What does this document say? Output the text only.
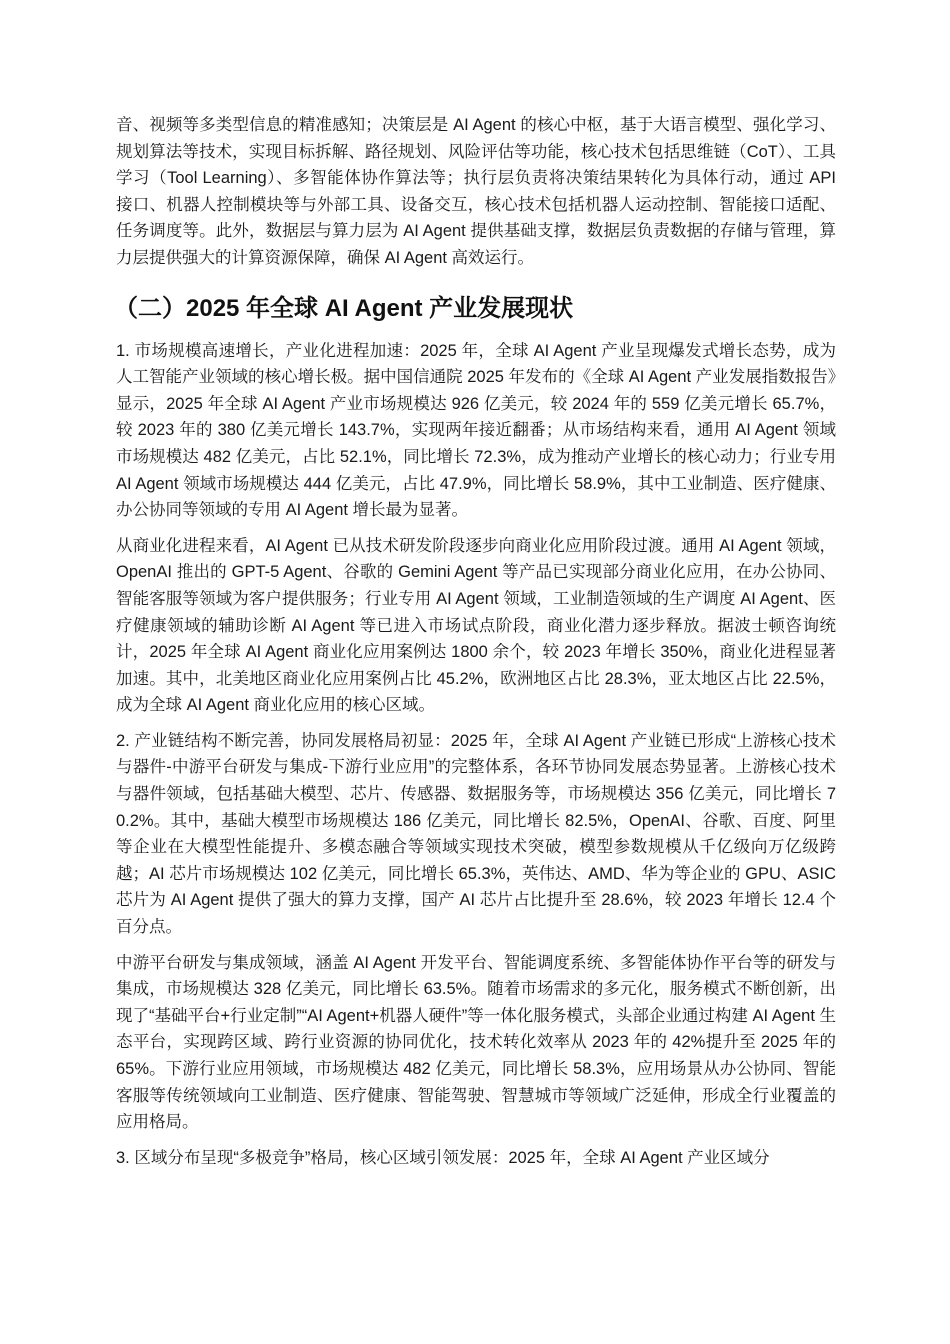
音、视频等多类型信息的精准感知；决策层是 AI Agent 的核心中枢，基于大语言模型、强化学习、规划算法等技术，实现目标拆解、路径规划、风险评估等功能，核心技术包括思维链（CoT）、工具学习（Tool Learning）、多智能体协作算法等；执行层负责将决策结果转化为具体行动，通过 API 接口、机器人控制模块等与外部工具、设备交互，核心技术包括机器人运动控制、智能接口适配、任务调度等。此外，数据层与算力层为 AI Agent 提供基础支撑，数据层负责数据的存储与管理，算力层提供强大的计算资源保障，确保 AI Agent 高效运行。

（二）2025 年全球 AI Agent 产业发展现状

1. 市场规模高速增长，产业化进程加速：2025 年，全球 AI Agent 产业呈现爆发式增长态势，成为人工智能产业领域的核心增长极。据中国信通院 2025 年发布的《全球 AI Agent 产业发展指数报告》显示，2025 年全球 AI Agent 产业市场规模达 926 亿美元，较 2024 年的 559 亿美元增长 65.7%，较 2023 年的 380 亿美元增长 143.7%，实现两年接近翻番；从市场结构来看，通用 AI Agent 领域市场规模达 482 亿美元，占比 52.1%，同比增长 72.3%，成为推动产业增长的核心动力；行业专用 AI Agent 领域市场规模达 444 亿美元，占比 47.9%，同比增长 58.9%，其中工业制造、医疗健康、办公协同等领域的专用 AI Agent 增长最为显著。

从商业化进程来看，AI Agent 已从技术研发阶段逐步向商业化应用阶段过渡。通用 AI Agent 领域，OpenAI 推出的 GPT-5 Agent、谷歌的 Gemini Agent 等产品已实现部分商业化应用，在办公协同、智能客服等领域为客户提供服务；行业专用 AI Agent 领域，工业制造领域的生产调度 AI Agent、医疗健康领域的辅助诊断 AI Agent 等已进入市场试点阶段，商业化潜力逐步释放。据波士顿咨询统计，2025 年全球 AI Agent 商业化应用案例达 1800 余个，较 2023 年增长 350%，商业化进程显著加速。其中，北美地区商业化应用案例占比 45.2%，欧洲地区占比 28.3%，亚太地区占比 22.5%，成为全球 AI Agent 商业化应用的核心区域。

2. 产业链结构不断完善，协同发展格局初显：2025 年，全球 AI Agent 产业链已形成“上游核心技术与器件-中游平台研发与集成-下游行业应用”的完整体系，各环节协同发展态势显著。上游核心技术与器件领域，包括基础大模型、芯片、传感器、数据服务等，市场规模达 356 亿美元，同比增长 70.2%。其中，基础大模型市场规模达 186 亿美元，同比增长 82.5%，OpenAI、谷歌、百度、阿里等企业在大模型性能提升、多模态融合等领域实现技术突破，模型参数规模从千亿级向万亿级跨越；AI 芯片市场规模达 102 亿美元，同比增长 65.3%，英伟达、AMD、华为等企业的 GPU、ASIC 芯片为 AI Agent 提供了强大的算力支撑，国产 AI 芯片占比提升至 28.6%，较 2023 年增长 12.4 个百分点。

中游平台研发与集成领域，涵盖 AI Agent 开发平台、智能调度系统、多智能体协作平台等的研发与集成，市场规模达 328 亿美元，同比增长 63.5%。随着市场需求的多元化，服务模式不断创新，出现了“基础平台+行业定制”“AI Agent+机器人硬件”等一体化服务模式，头部企业通过构建 AI Agent 生态平台，实现跨区域、跨行业资源的协同优化，技术转化效率从 2023 年的 42%提升至 2025 年的 65%。下游行业应用领域，市场规模达 482 亿美元，同比增长 58.3%，应用场景从办公协同、智能客服等传统领域向工业制造、医疗健康、智能驾驶、智慧城市等领域广泛延伸，形成全行业覆盖的应用格局。

3. 区域分布呈现“多极竞争”格局，核心区域引领发展：2025 年，全球 AI Agent 产业区域分
